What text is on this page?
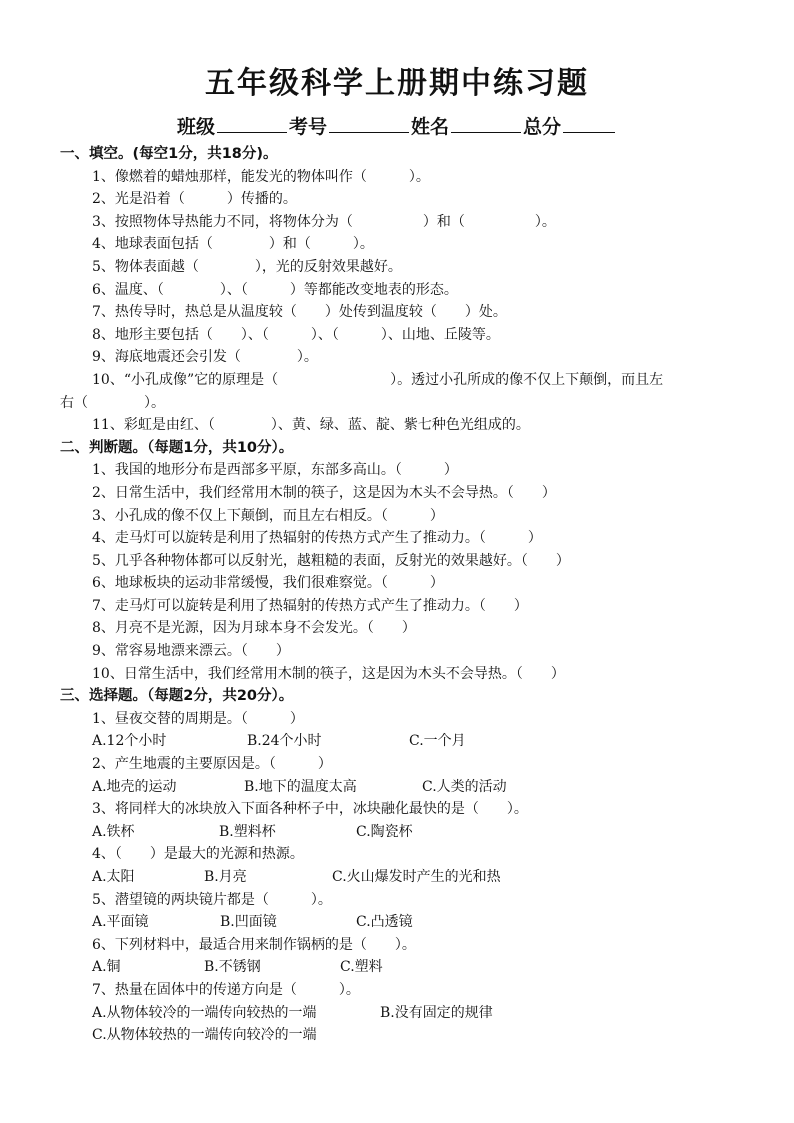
五年级科学上册期中练习题
班级	考号	姓名	总分
一、填空。(每空1分，共18分)。
1、像燃着的蜡烛那样，能发光的物体叫作（　　　）。
2、光是沿着（　　　）传播的。
3、按照物体导热能力不同，将物体分为（　　　　　）和（　　　　　）。
4、地球表面包括（　　　　）和（　　　）。
5、物体表面越（　　　　），光的反射效果越好。
6、温度、（　　　　）、（　　　）等都能改变地表的形态。
7、热传导时，热总是从温度较（　　）处传到温度较（　　）处。
8、地形主要包括（　　）、（　　　）、（　　　）、山地、丘陵等。
9、海底地震还会引发（　　　　）。
10、“小孔成像”它的原理是（　　　　　　　　）。透过小孔所成的像不仅上下颠倒，而且左
右（　　　　）。
11、彩虹是由红、（　　　　）、黄、绿、蓝、靛、紫七种色光组成的。
二、判断题。（每题1分，共10分）。
1、我国的地形分布是西部多平原，东部多高山。（　　　）
2、日常生活中，我们经常用木制的筷子，这是因为木头不会导热。（　　）
3、小孔成的像不仅上下颠倒，而且左右相反。（　　　）
4、走马灯可以旋转是利用了热辐射的传热方式产生了推动力。（　　　）
5、几乎各种物体都可以反射光，越粗糙的表面，反射光的效果越好。（　　）
6、地球板块的运动非常缓慢，我们很难察觉。（　　　）
7、走马灯可以旋转是利用了热辐射的传热方式产生了推动力。（　　）
8、月亮不是光源，因为月球本身不会发光。（　　）
9、常容易地漂来漂云。（　　）
10、日常生活中，我们经常用木制的筷子，这是因为木头不会导热。（　　）
三、选择题。（每题2分，共20分）。
1、昼夜交替的周期是。（　　　）
A.12个小时	B.24个小时	C.一个月
2、产生地震的主要原因是。（　　　）
A.地壳的运动	B.地下的温度太高	C.人类的活动
3、将同样大的冰块放入下面各种杯子中，冰块融化最快的是（　　）。
A.铁杯	B.塑料杯	C.陶瓷杯
4、（　　）是最大的光源和热源。
A.太阳	B.月亮	C.火山爆发时产生的光和热
5、潜望镜的两块镜片都是（　　　）。
A.平面镜	B.凹面镜	C.凸透镜
6、下列材料中，最适合用来制作锅柄的是（　　）。
A.铜	B.不锈钢	C.塑料
7、热量在固体中的传递方向是（　　　）。
A.从物体较冷的一端传向较热的一端	B.没有固定的规律
C.从物体较热的一端传向较冷的一端
